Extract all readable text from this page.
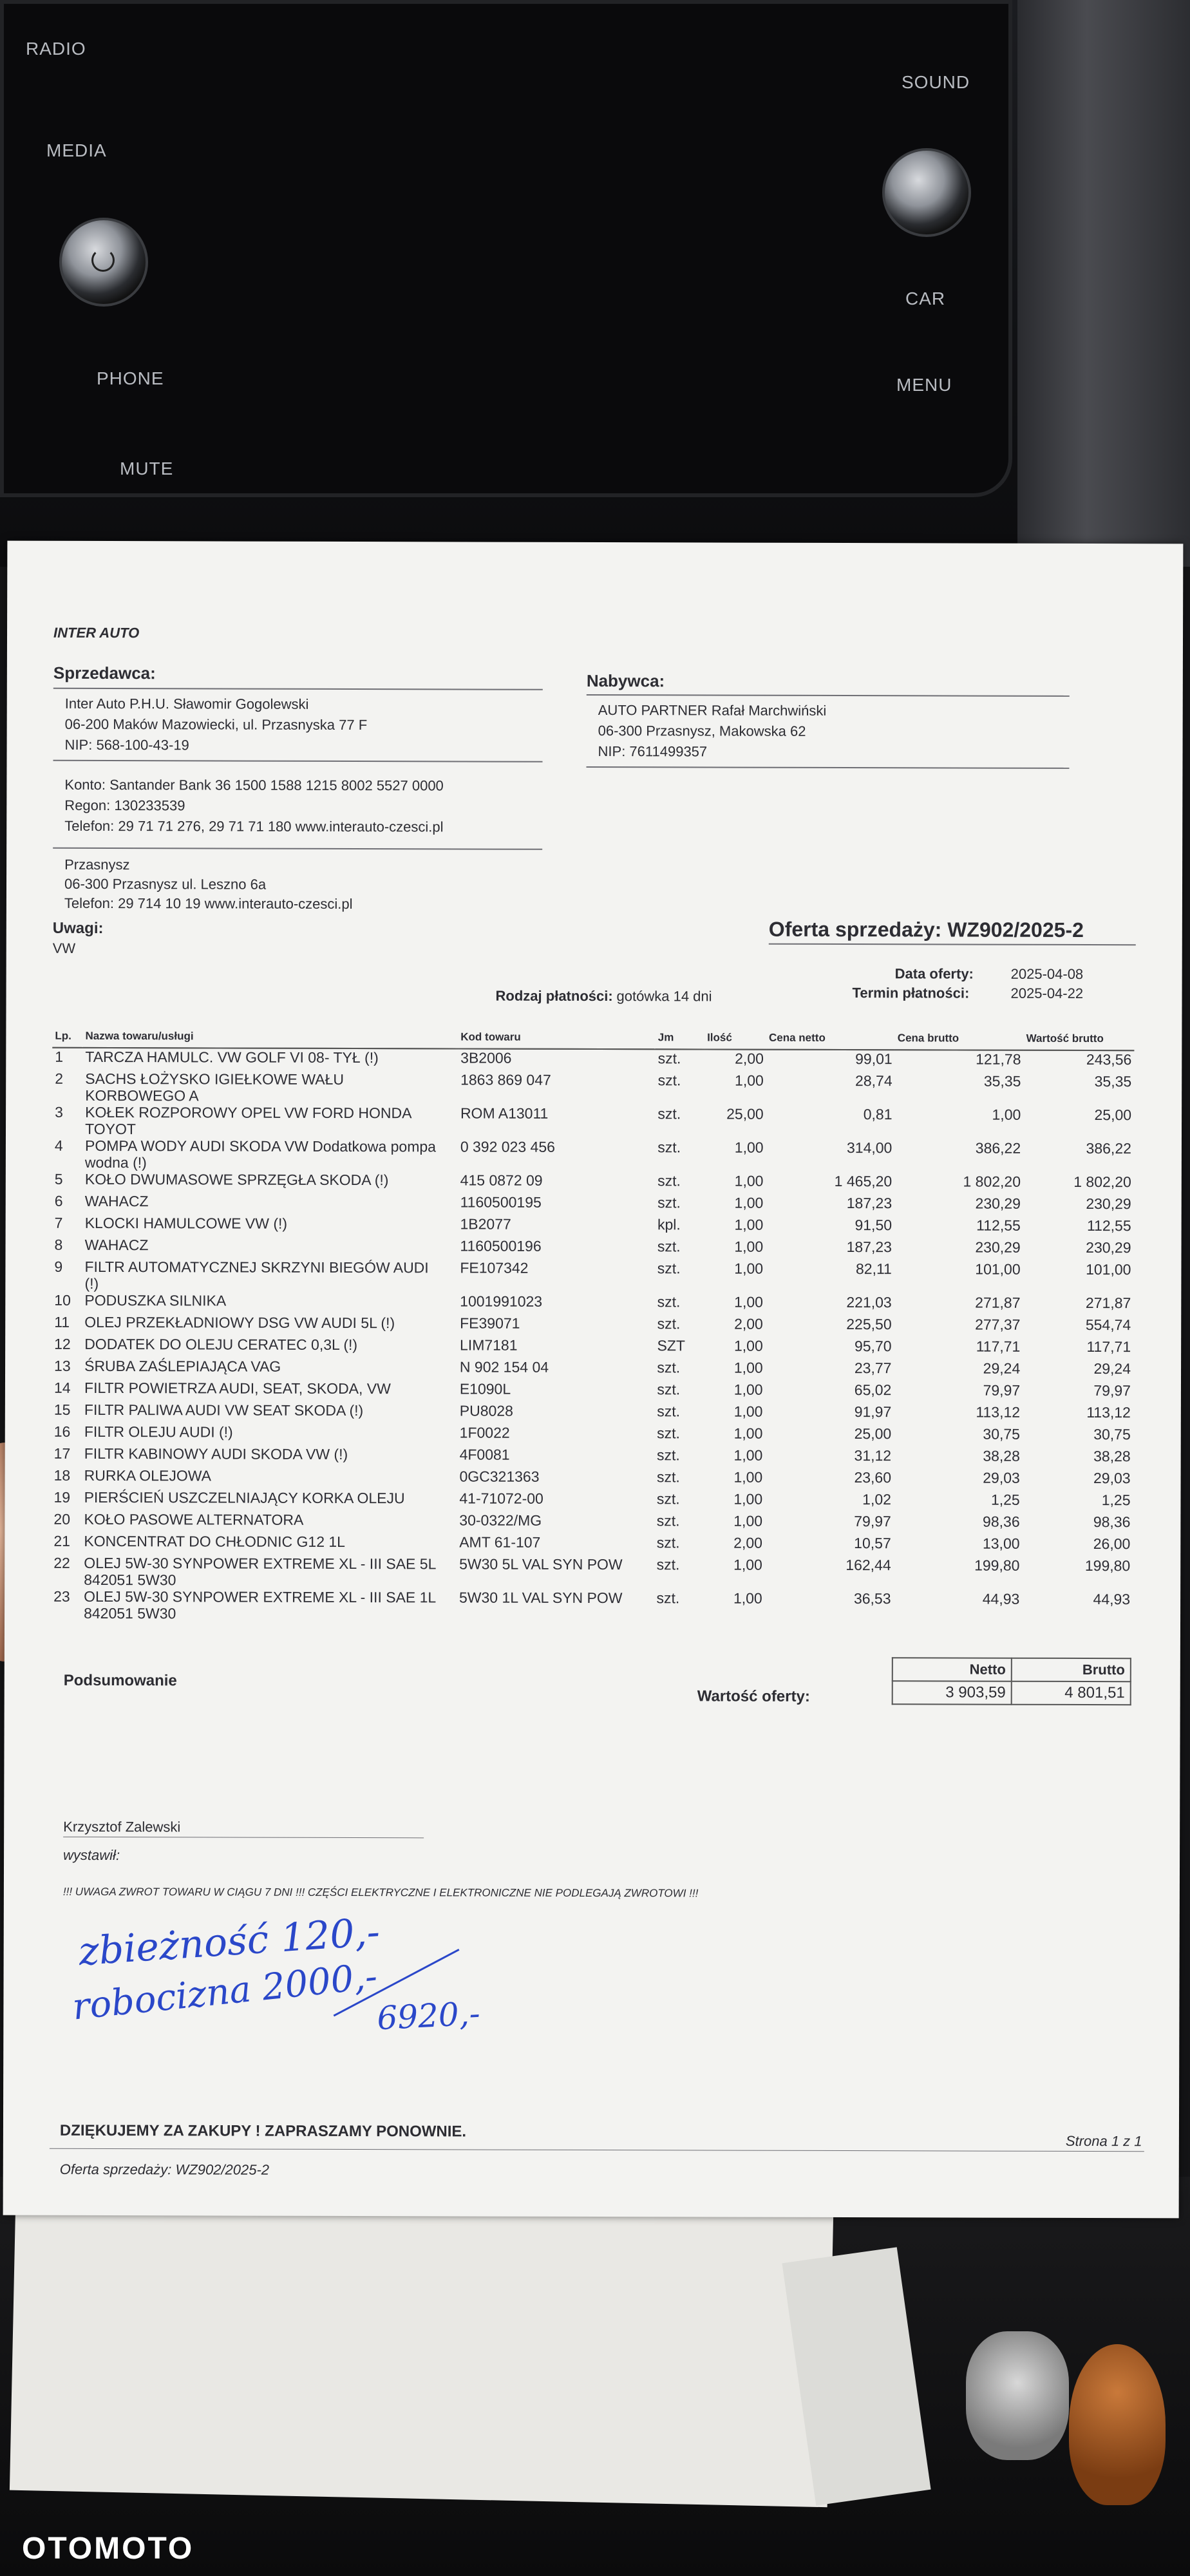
RADIO
MEDIA
PHONE
MUTE
SOUND
CAR
MENU
INTER AUTO
Sprzedawca:
Inter Auto P.H.U. Sławomir Gogolewski
06-200 Maków Mazowiecki, ul. Przasnyska 77 F
NIP: 568-100-43-19
Konto: Santander Bank 36 1500 1588 1215 8002 5527 0000
Regon: 130233539
Telefon: 29 71 71 276, 29 71 71 180 www.interauto-czesci.pl
Przasnysz
06-300 Przasnysz ul. Leszno 6a
Telefon: 29 714 10 19 www.interauto-czesci.pl
Nabywca:
AUTO PARTNER Rafał Marchwiński
06-300 Przasnysz, Makowska 62
NIP: 7611499357
Uwagi:
VW
Oferta sprzedaży: WZ902/2025-2
Data oferty:	2025-04-08
Rodzaj płatności: gotówka 14 dni	Termin płatności:	2025-04-22
Lp.	Nazwa towaru/usługi	Kod towaru	Jm	Ilość	Cena netto	Cena brutto	Wartość brutto
1	TARCZA HAMULC. VW GOLF VI 08- TYŁ (!)	3B2006	szt.	2,00	99,01	121,78	243,56
2	SACHS ŁOŻYSKO IGIEŁKOWE WAŁU
KORBOWEGO A	1863 869 047	szt.	1,00	28,74	35,35	35,35
3	KOŁEK ROZPOROWY OPEL VW FORD HONDA
TOYOT	ROM A13011	szt.	25,00	0,81	1,00	25,00
4	POMPA WODY AUDI SKODA VW Dodatkowa pompa
wodna (!)	0 392 023 456	szt.	1,00	314,00	386,22	386,22
5	KOŁO DWUMASOWE SPRZĘGŁA SKODA (!)	415 0872 09	szt.	1,00	1 465,20	1 802,20	1 802,20
6	WAHACZ	1160500195	szt.	1,00	187,23	230,29	230,29
7	KLOCKI HAMULCOWE VW (!)	1B2077	kpl.	1,00	91,50	112,55	112,55
8	WAHACZ	1160500196	szt.	1,00	187,23	230,29	230,29
9	FILTR AUTOMATYCZNEJ SKRZYNI BIEGÓW AUDI
(!)	FE107342	szt.	1,00	82,11	101,00	101,00
10	PODUSZKA SILNIKA	1001991023	szt.	1,00	221,03	271,87	271,87
11	OLEJ PRZEKŁADNIOWY DSG VW AUDI 5L (!)	FE39071	szt.	2,00	225,50	277,37	554,74
12	DODATEK DO OLEJU CERATEC 0,3L (!)	LIM7181	SZT	1,00	95,70	117,71	117,71
13	ŚRUBA ZAŚLEPIAJĄCA VAG	N 902 154 04	szt.	1,00	23,77	29,24	29,24
14	FILTR POWIETRZA AUDI, SEAT, SKODA, VW	E1090L	szt.	1,00	65,02	79,97	79,97
15	FILTR PALIWA AUDI VW SEAT SKODA (!)	PU8028	szt.	1,00	91,97	113,12	113,12
16	FILTR OLEJU AUDI (!)	1F0022	szt.	1,00	25,00	30,75	30,75
17	FILTR KABINOWY AUDI SKODA VW (!)	4F0081	szt.	1,00	31,12	38,28	38,28
18	RURKA OLEJOWA	0GC321363	szt.	1,00	23,60	29,03	29,03
19	PIERŚCIEŃ USZCZELNIAJĄCY KORKA OLEJU	41-71072-00	szt.	1,00	1,02	1,25	1,25
20	KOŁO PASOWE ALTERNATORA	30-0322/MG	szt.	1,00	79,97	98,36	98,36
21	KONCENTRAT DO CHŁODNIC G12 1L	AMT 61-107	szt.	2,00	10,57	13,00	26,00
22	OLEJ 5W-30 SYNPOWER EXTREME XL - III SAE 5L
842051 5W30	5W30 5L VAL SYN POW	szt.	1,00	162,44	199,80	199,80
23	OLEJ 5W-30 SYNPOWER EXTREME XL - III SAE 1L
842051 5W30	5W30 1L VAL SYN POW	szt.	1,00	36,53	44,93	44,93
Podsumowanie
Wartość oferty:
Netto	Brutto
3 903,59	4 801,51
Krzysztof Zalewski
wystawił:
!!! UWAGA ZWROT TOWARU W CIĄGU 7 DNI !!! CZĘŚCI ELEKTRYCZNE I ELEKTRONICZNE NIE PODLEGAJĄ ZWROTOWI !!!
zbieżność 120,-
robocizna 2000,-
6920,-
DZIĘKUJEMY ZA ZAKUPY ! ZAPRASZAMY PONOWNIE.
Strona 1 z 1
Oferta sprzedaży: WZ902/2025-2
OTOMOTO
